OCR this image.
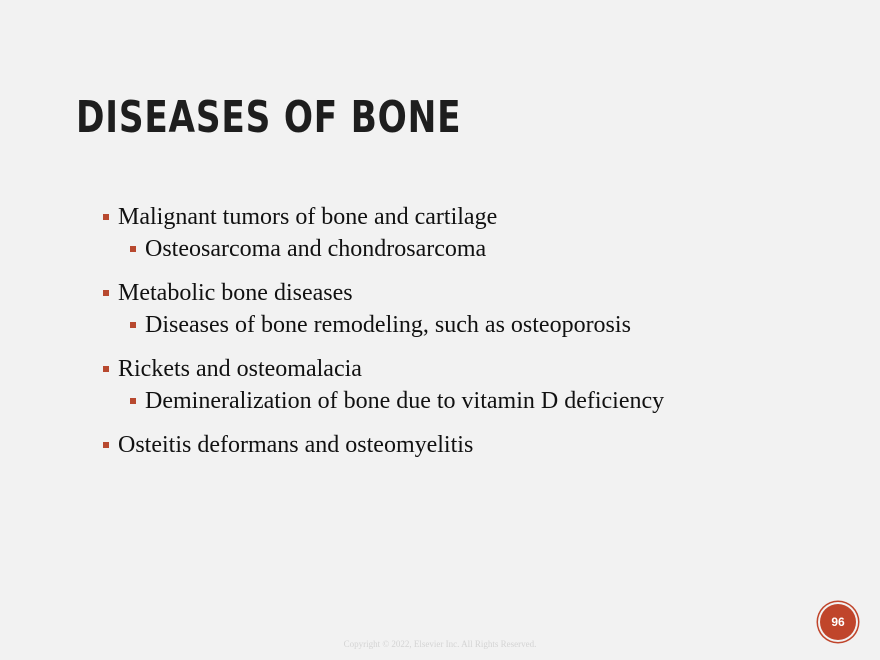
DISEASES OF BONE
Malignant tumors of bone and cartilage
Osteosarcoma and chondrosarcoma
Metabolic bone diseases
Diseases of bone remodeling, such as osteoporosis
Rickets and osteomalacia
Demineralization of bone due to vitamin D deficiency
Osteitis deformans and osteomyelitis
96
Copyright © 2022, Elsevier Inc. All Rights Reserved.
